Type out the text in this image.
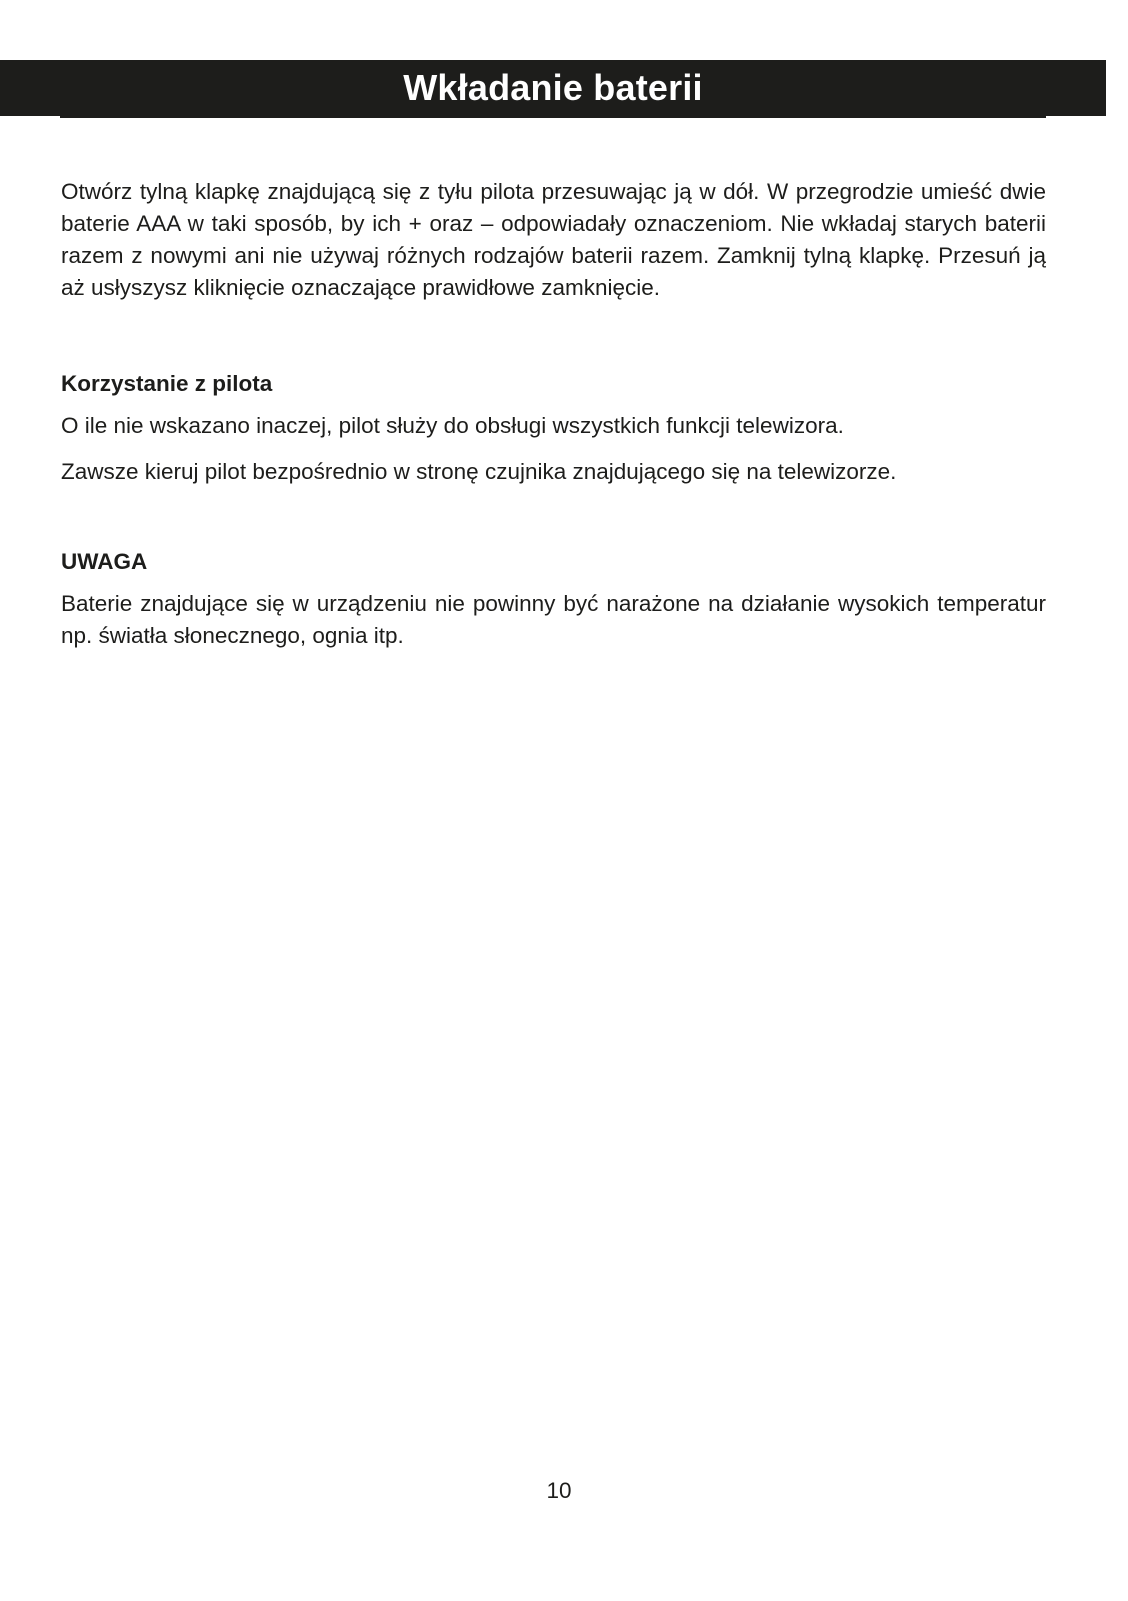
Wkładanie baterii

Otwórz tylną klapkę znajdującą się z tyłu pilota przesuwając ją w dół. W przegrodzie umieść dwie baterie AAA w taki sposób, by ich + oraz – odpowiadały oznaczeniom. Nie wkładaj starych baterii razem z nowymi ani nie używaj różnych rodzajów baterii razem. Zamknij tylną klapkę. Przesuń ją aż usłyszysz kliknięcie oznaczające prawidłowe zamknięcie.

Korzystanie z pilota

O ile nie wskazano inaczej, pilot służy do obsługi wszystkich funkcji telewizora.

Zawsze kieruj pilot bezpośrednio w stronę czujnika znajdującego się na telewizorze.

UWAGA

Baterie znajdujące się w urządzeniu nie powinny być narażone na działanie wysokich temperatur np. światła słonecznego, ognia itp.

10
